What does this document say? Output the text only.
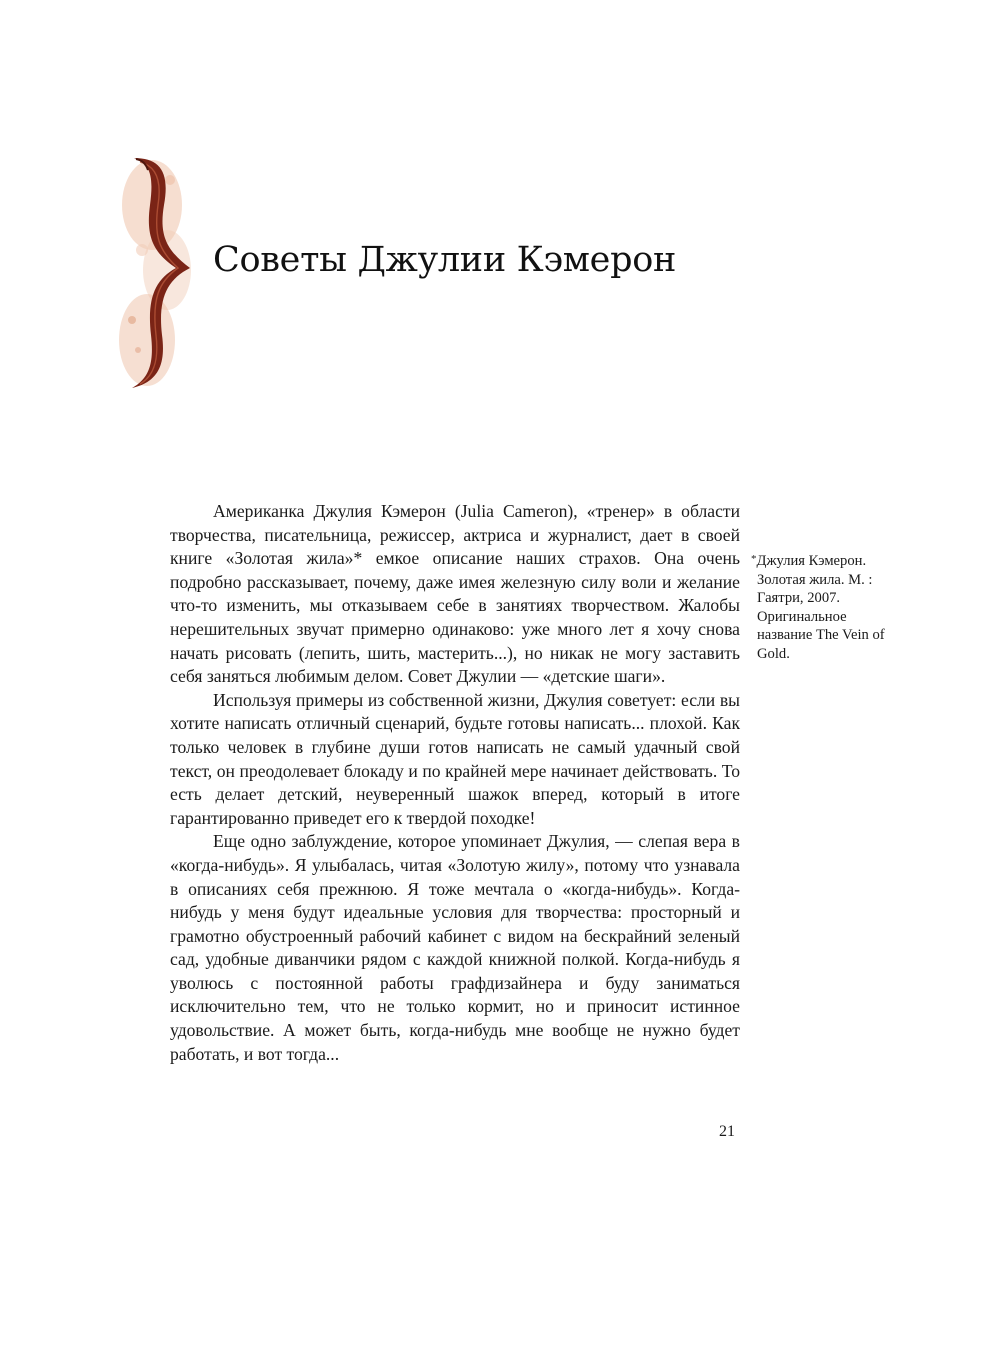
Советы Джулии Кэмерон

Американка Джулия Кэмерон (Julia Cameron), «тренер» в области творчества, писательница, режиссер, актриса и журналист, дает в своей книге «Золотая жила»* емкое описание наших страхов. Она очень подробно рассказывает, почему, даже имея железную силу воли и желание что-то изменить, мы отказываем себе в занятиях творчеством. Жалобы нерешительных звучат примерно одинаково: уже много лет я хочу снова начать рисовать (лепить, шить, мастерить...), но никак не могу заставить себя заняться любимым делом. Совет Джулии — «детские шаги».

Используя примеры из собственной жизни, Джулия советует: если вы хотите написать отличный сценарий, будьте готовы написать... плохой. Как только человек в глубине души готов написать не самый удачный свой текст, он преодолевает блокаду и по крайней мере начинает действовать. То есть делает детский, неуверенный шажок вперед, который в итоге гарантированно приведет его к твердой походке!

Еще одно заблуждение, которое упоминает Джулия, — слепая вера в «когда-нибудь». Я улыбалась, читая «Золотую жилу», потому что узнавала в описаниях себя прежнюю. Я тоже мечтала о «когда-нибудь». Когда-нибудь у меня будут идеальные условия для творчества: просторный и грамотно обустроенный рабочий кабинет с видом на бескрайний зеленый сад, удобные диванчики рядом с каждой книжной полкой. Когда-нибудь я уволюсь с постоянной работы графдизайнера и буду заниматься исключительно тем, что не только кормит, но и приносит истинное удовольствие. А может быть, когда-нибудь мне вообще не нужно будет работать, и вот тогда...

*Джулия Кэмерон. Золотая жила. М. : Гаятри, 2007. Оригинальное название The Vein of Gold.
21
